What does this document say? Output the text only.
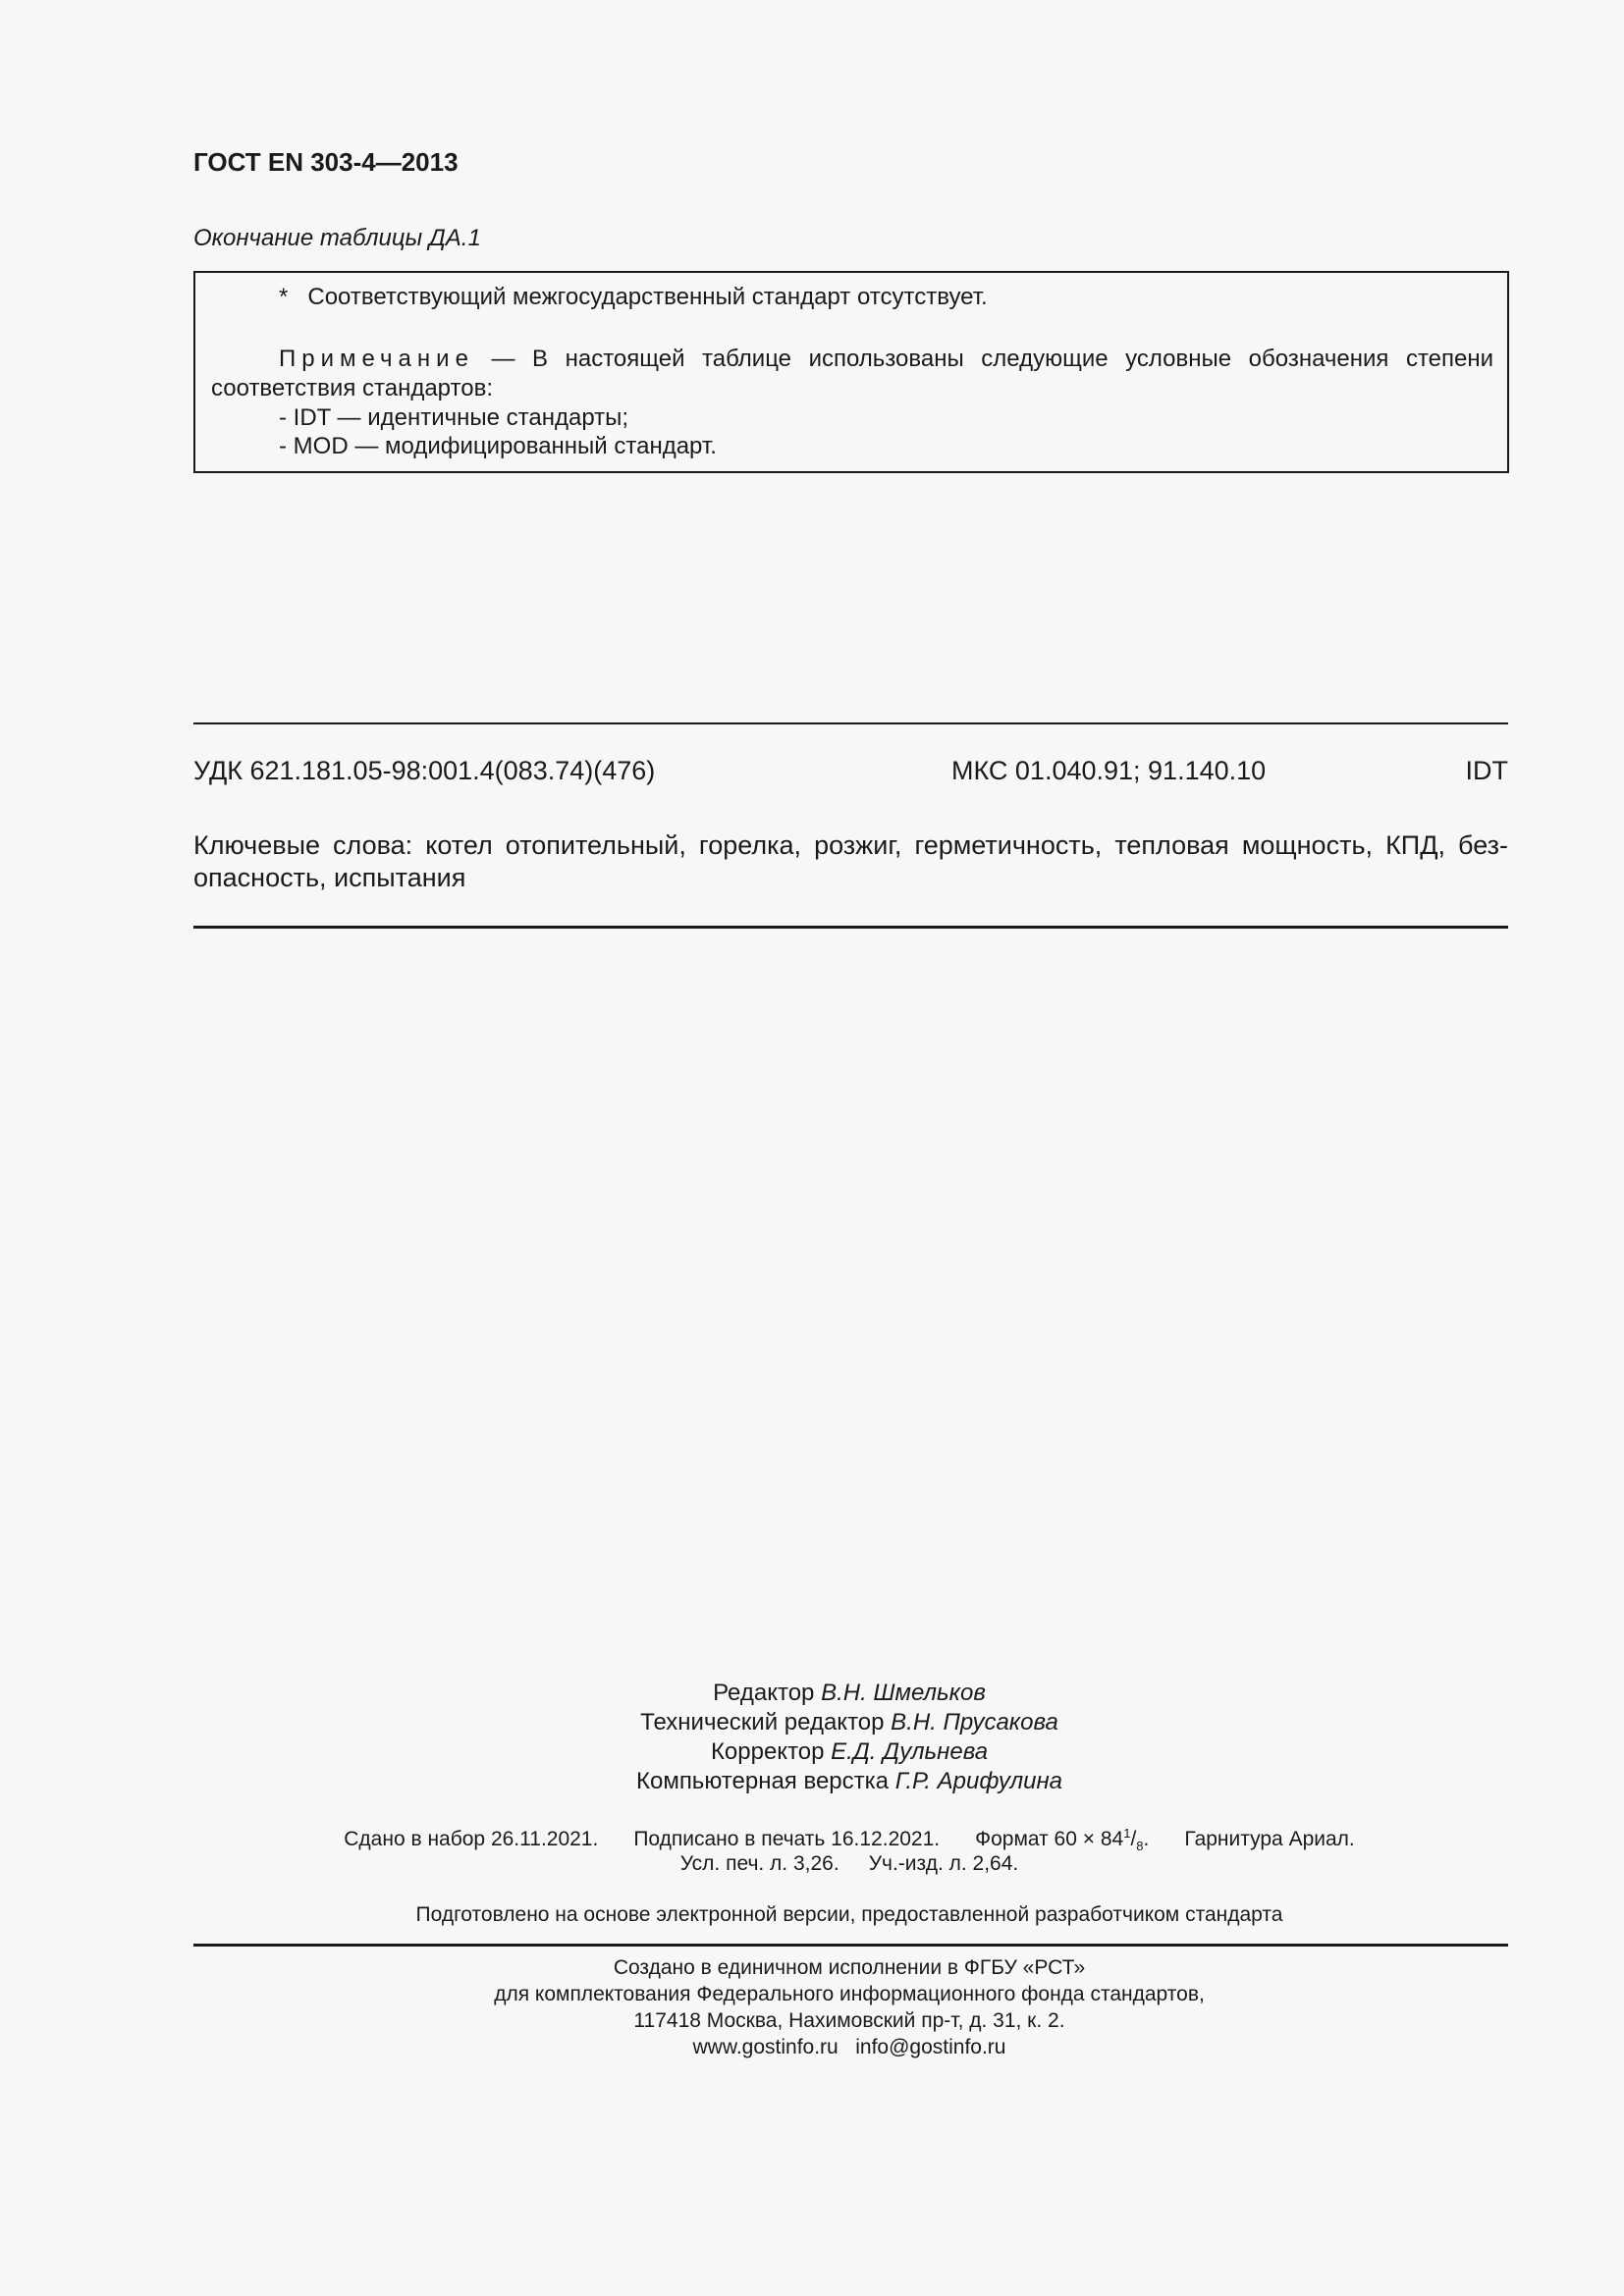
ГОСТ EN 303-4—2013
Окончание таблицы ДА.1
* Соответствующий межгосударственный стандарт отсутствует.
Примечание — В настоящей таблице использованы следующие условные обозначения степени
соответствия стандартов:
- IDT — идентичные стандарты;
- MOD — модифицированный стандарт.
УДК 621.181.05-98:001.4(083.74)(476)	МКС 01.040.91; 91.140.10	IDT
Ключевые слова: котел отопительный, горелка, розжиг, герметичность, тепловая мощность, КПД, без-
опасность, испытания
Редактор В.Н. Шмельков
Технический редактор В.Н. Прусакова
Корректор Е.Д. Дульнева
Компьютерная верстка Г.Р. Арифулина
Сдано в набор 26.11.2021. Подписано в печать 16.12.2021. Формат $60 \times 84^1/_8$. Гарнитура Ариал.
Усл. печ. л. 3,26. Уч.-изд. л. 2,64.
Подготовлено на основе электронной версии, предоставленной разработчиком стандарта
Создано в единичном исполнении в ФГБУ «РСТ»
для комплектования Федерального информационного фонда стандартов,
117418 Москва, Нахимовский пр-т, д. 31, к. 2.
www.gostinfo.ru info@gostinfo.ru
